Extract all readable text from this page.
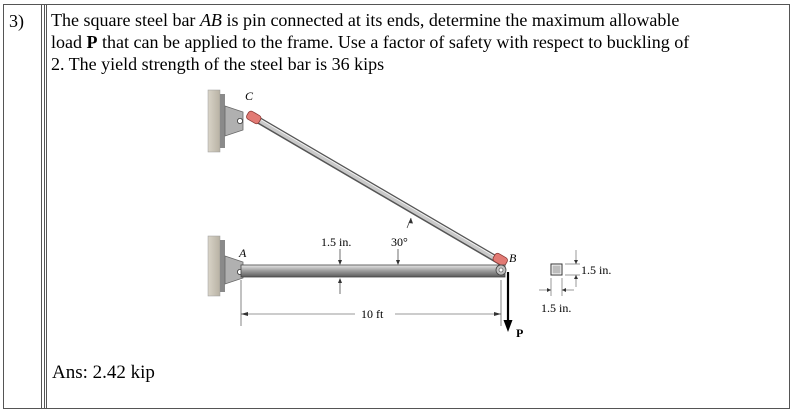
3) The square steel bar AB is pin connected at its ends, determine the maximum allowable
load P that can be applied to the frame. Use a factor of safety with respect to buckling of
2. The yield strength of the steel bar is 36 kips
Ans: 2.42 kip
C
A	B
P
1.5 in.	30°
10 ft
1.5 in.
1.5 in.
